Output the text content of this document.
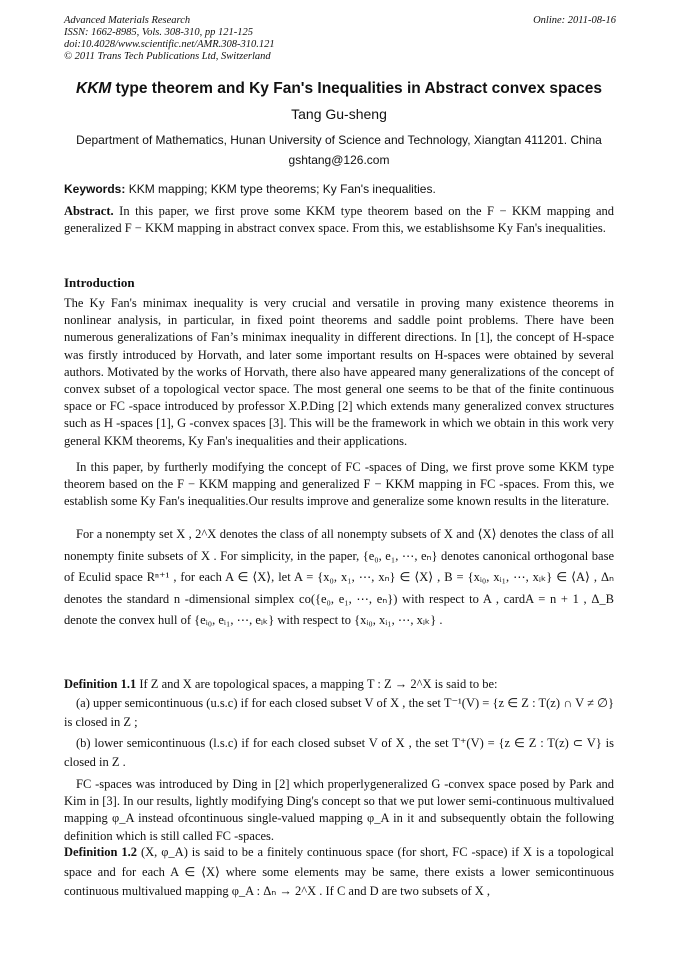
Advanced Materials Research
ISSN: 1662-8985, Vols. 308-310, pp 121-125
doi:10.4028/www.scientific.net/AMR.308-310.121
© 2011 Trans Tech Publications Ltd, Switzerland
Online: 2011-08-16
KKM type theorem and Ky Fan's Inequalities in Abstract convex spaces
Tang Gu-sheng
Department of Mathematics, Hunan University of Science and Technology, Xiangtan 411201. China
gshtang@126.com
Keywords: KKM mapping; KKM type theorems; Ky Fan's inequalities.
Abstract. In this paper, we first prove some KKM type theorem based on the F − KKM mapping and generalized F − KKM mapping in abstract convex space. From this, we establishsome Ky Fan's inequalities.
Introduction
The Ky Fan's minimax inequality is very crucial and versatile in proving many existence theorems in nonlinear analysis, in particular, in fixed point theorems and saddle point problems. There have been numerous generalizations of Fan’s minimax inequality in different directions. In [1], the concept of H-space was firstly introduced by Horvath, and later some important results on H-spaces were obtained by several authors. Motivated by the works of Horvath, there also have appeared many generalizations of the concept of convex subset of a topological vector space. The most general one seems to be that of the finite continuous space or FC -space introduced by professor X.P.Ding [2] which extends many generalized convex structures such as H -spaces [1], G -convex spaces [3]. This will be the framework in which we obtain in this work very general KKM theorems, Ky Fan's inequalities and their applications.
In this paper, by furtherly modifying the concept of FC -spaces of Ding, we first prove some KKM type theorem based on the F − KKM mapping and generalized F − KKM mapping in FC -spaces. From this, we establish some Ky Fan's inequalities.Our results improve and generalize some known results in the literature.
For a nonempty set X , 2^X denotes the class of all nonempty subsets of X and ⟨X⟩ denotes the class of all nonempty finite subsets of X . For simplicity, in the paper, {e₀, e₁, ⋯, eₙ} denotes canonical orthogonal base of Eculid space Rⁿ⁺¹ , for each A ∈ ⟨X⟩, let A = {x₀, x₁, ⋯, xₙ} ∈ ⟨X⟩ , B = {xᵢ₀, xᵢ₁, ⋯, xᵢₖ} ∈ ⟨A⟩ , Δₙ denotes the standard n -dimensional simplex co({e₀, e₁, ⋯, eₙ}) with respect to A , cardA = n + 1 , Δ_B denote the convex hull of {eᵢ₀, eᵢ₁, ⋯, eᵢₖ} with respect to {xᵢ₀, xᵢ₁, ⋯, xᵢₖ} .
Definition 1.1 If Z and X are topological spaces, a mapping T : Z → 2^X is said to be:
(a) upper semicontinuous (u.s.c) if for each closed subset V of X , the set T⁻¹(V) = {z ∈ Z : T(z) ∩ V ≠ ∅} is closed in Z ;
(b) lower semicontinuous (l.s.c) if for each closed subset V of X , the set T⁺(V) = {z ∈ Z : T(z) ⊂ V} is closed in Z .
FC -spaces was introduced by Ding in [2] which properlygeneralized G -convex space posed by Park and Kim in [3]. In our results, lightly modifying Ding's concept so that we put lower semi-continuous multivalued mapping φ_A instead ofcontinuous single-valued mapping φ_A in it and subsequently obtain the following definition which is still called FC -spaces.
Definition 1.2 (X, φ_A) is said to be a finitely continuous space (for short, FC -space) if X is a topological space and for each A ∈ ⟨X⟩ where some elements may be same, there exists a lower semicontinuous continuous multivalued mapping φ_A : Δₙ → 2^X . If C and D are two subsets of X ,
